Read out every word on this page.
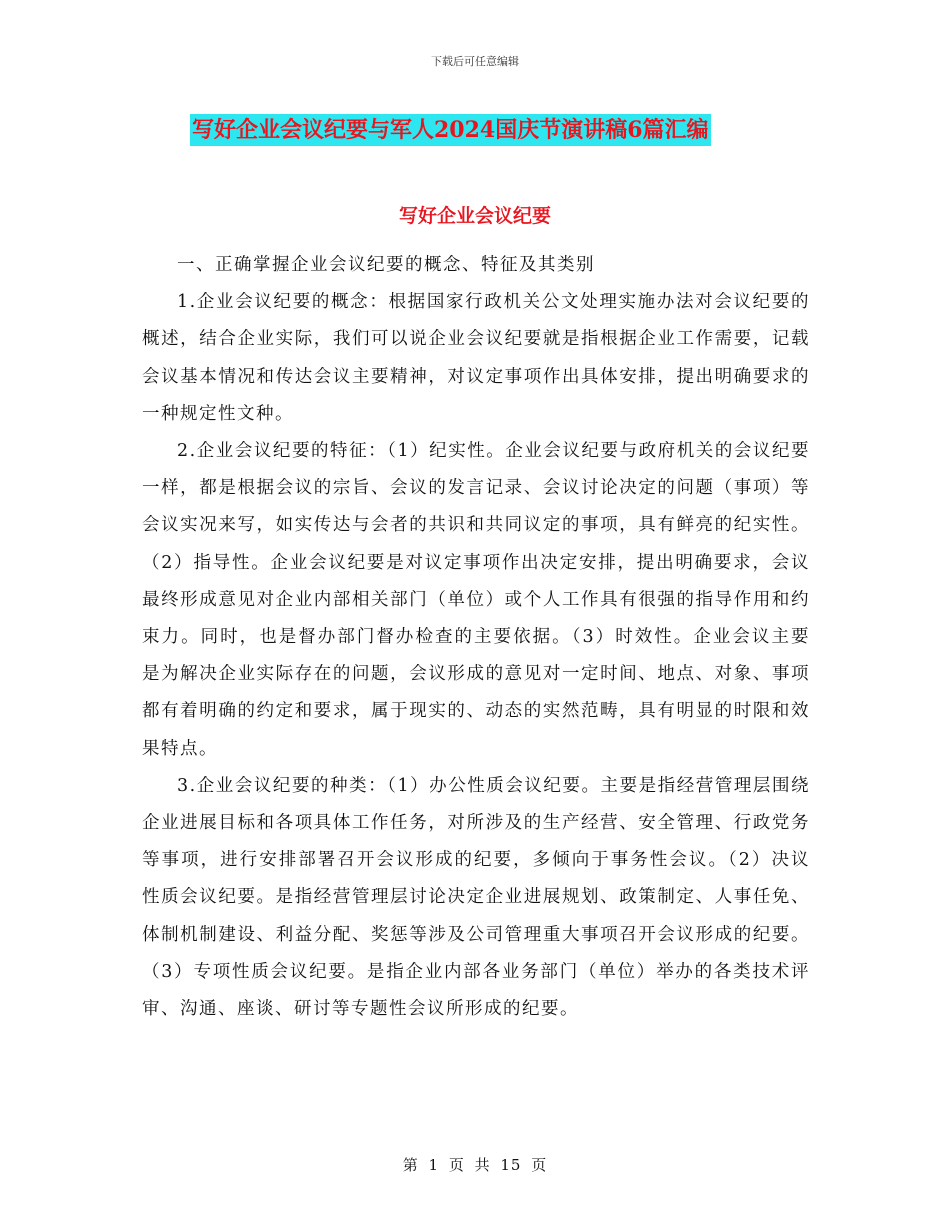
下载后可任意编辑
写好企业会议纪要与军人2024国庆节演讲稿6篇汇编
写好企业会议纪要

一、正确掌握企业会议纪要的概念、特征及其类别

1.企业会议纪要的概念：根据国家行政机关公文处理实施办法对会议纪要的概述，结合企业实际，我们可以说企业会议纪要就是指根据企业工作需要，记载会议基本情况和传达会议主要精神，对议定事项作出具体安排，提出明确要求的一种规定性文种。

2.企业会议纪要的特征：（1）纪实性。企业会议纪要与政府机关的会议纪要一样，都是根据会议的宗旨、会议的发言记录、会议讨论决定的问题（事项）等会议实况来写，如实传达与会者的共识和共同议定的事项，具有鲜亮的纪实性。（2）指导性。企业会议纪要是对议定事项作出决定安排，提出明确要求，会议最终形成意见对企业内部相关部门（单位）或个人工作具有很强的指导作用和约束力。同时，也是督办部门督办检查的主要依据。（3）时效性。企业会议主要是为解决企业实际存在的问题，会议形成的意见对一定时间、地点、对象、事项都有着明确的约定和要求，属于现实的、动态的实然范畴，具有明显的时限和效果特点。

3.企业会议纪要的种类：（1）办公性质会议纪要。主要是指经营管理层围绕企业进展目标和各项具体工作任务，对所涉及的生产经营、安全管理、行政党务等事项，进行安排部署召开会议形成的纪要，多倾向于事务性会议。（2）决议性质会议纪要。是指经营管理层讨论决定企业进展规划、政策制定、人事任免、体制机制建设、利益分配、奖惩等涉及公司管理重大事项召开会议形成的纪要。（3）专项性质会议纪要。是指企业内部各业务部门（单位）举办的各类技术评审、沟通、座谈、研讨等专题性会议所形成的纪要。

第 1 页 共 15 页
